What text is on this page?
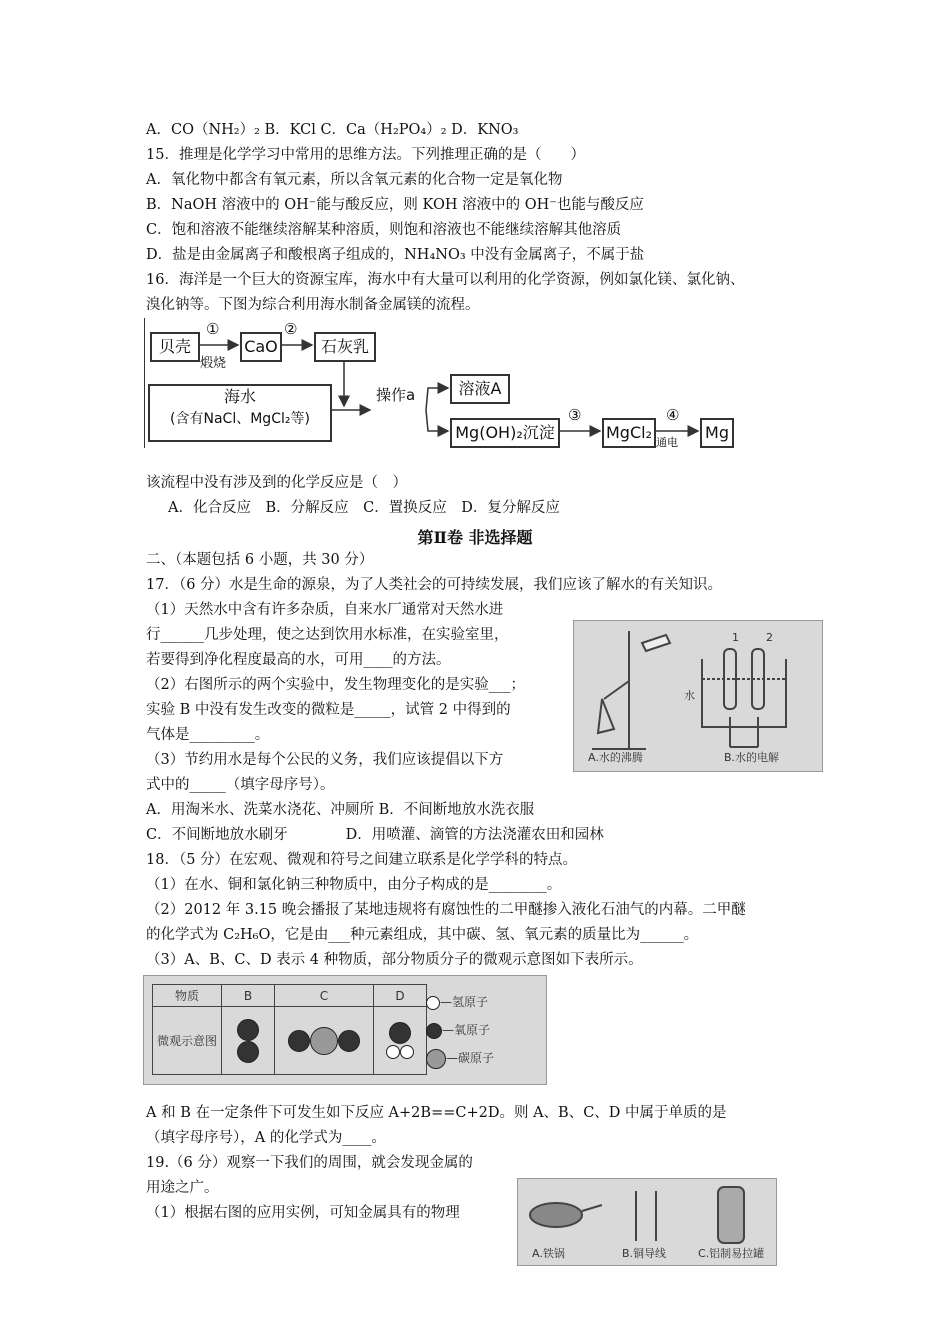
A．CO（NH₂）₂ B．KCl C．Ca（H₂PO₄）₂ D．KNO₃
15．推理是化学学习中常用的思维方法。下列推理正确的是（　　）
A．氧化物中都含有氧元素，所以含氧元素的化合物一定是氧化物
B．NaOH 溶液中的 OH⁻能与酸反应，则 KOH 溶液中的 OH⁻也能与酸反应
C．饱和溶液不能继续溶解某种溶质，则饱和溶液也不能继续溶解其他溶质
D．盐是由金属离子和酸根离子组成的，NH₄NO₃ 中没有金属离子，不属于盐
16．海洋是一个巨大的资源宝库，海水中有大量可以利用的化学资源，例如氯化镁、氯化钠、
溴化钠等。下图为综合利用海水制备金属镁的流程。
贝壳
①
煅烧
CaO
②
石灰乳
海水
(含有NaCl、MgCl₂等)
操作a	溶液A
Mg(OH)₂沉淀
③
MgCl₂
④
通电
Mg
该流程中没有涉及到的化学反应是（　）
A．化合反应　B．分解反应　C．置换反应　D．复分解反应
第Ⅱ卷 非选择题
二、（本题包括 6 小题，共 30 分）
17．（6 分）水是生命的源泉，为了人类社会的可持续发展，我们应该了解水的有关知识。
（1）天然水中含有许多杂质，自来水厂通常对天然水进
行______几步处理，使之达到饮用水标准，在实验室里，
若要得到净化程度最高的水，可用____的方法。
（2）右图所示的两个实验中，发生物理变化的是实验___；
实验 B 中没有发生改变的微粒是_____，试管 2 中得到的
气体是_________。
（3）节约用水是每个公民的义务，我们应该提倡以下方
式中的_____（填字母序号）。
1 2
水
A.水的沸腾	B.水的电解
A．用淘米水、洗菜水浇花、冲厕所 B．不间断地放水洗衣服
C．不间断地放水刷牙　　　　D．用喷灌、滴管的方法浇灌农田和园林
18．（5 分）在宏观、微观和符号之间建立联系是化学学科的特点。
（1）在水、铜和氯化钠三种物质中，由分子构成的是________。
（2）2012 年 3.15 晚会播报了某地违规将有腐蚀性的二甲醚掺入液化石油气的内幕。二甲醚
的化学式为 C₂H₆O，它是由___种元素组成，其中碳、氢、氧元素的质量比为______。
（3）A、B、C、D 表示 4 种物质，部分物质分子的微观示意图如下表所示。
物质	B	C	D
微观示意图	

—氢原子
—氧原子
—碳原子
A 和 B 在一定条件下可发生如下反应 A+2B==C+2D。则 A、B、C、D 中属于单质的是
（填字母序号），A 的化学式为____。
19.（6 分）观察一下我们的周围，就会发现金属的
用途之广。
（1）根据右图的应用实例，可知金属具有的物理
A.铁锅	B.铜导线	C.铝制易拉罐
